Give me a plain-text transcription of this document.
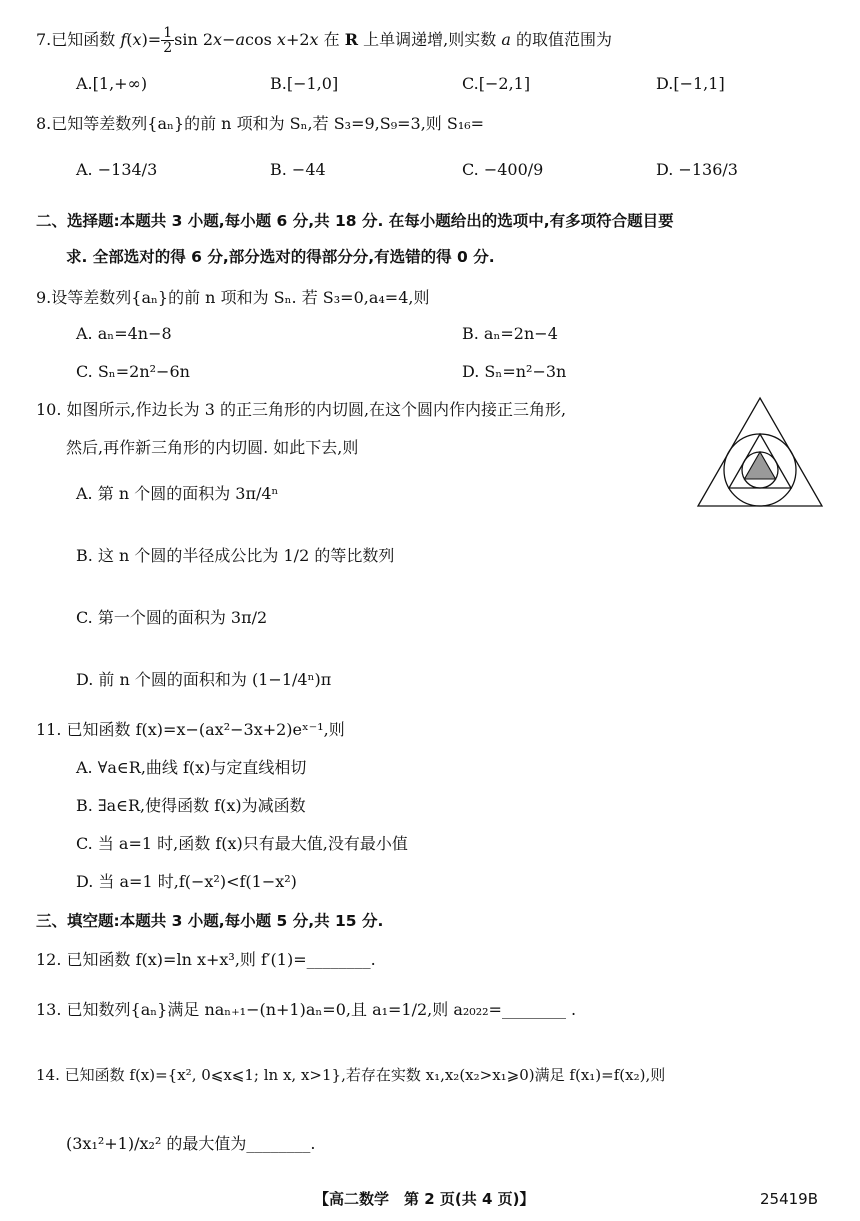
7.已知函数 $f(x)= \frac{1}{2}$ sin 2x−acos x+2x 在 R 上单调递增,则实数 a 的取值范围为
A.[1,+∞)	B.[−1,0]	C.[−2,1]	D.[−1,1]
8.已知等差数列{aₙ}的前 n 项和为 Sₙ,若 S₃=9,S₉=3,则 S₁₆=
A. −134/3	B. −44	C. −400/9	D. −136/3
二、选择题:本题共 3 小题,每小题 6 分,共 18 分. 在每小题给出的选项中,有多项符合题目要
求. 全部选对的得 6 分,部分选对的得部分分,有选错的得 0 分.
9.设等差数列{aₙ}的前 n 项和为 Sₙ. 若 S₃=0,a₄=4,则
A. aₙ=4n−8	B. aₙ=2n−4
C. Sₙ=2n²−6n	D. Sₙ=n²−3n
10. 如图所示,作边长为 3 的正三角形的内切圆,在这个圆内作内接正三角形,
然后,再作新三角形的内切圆. 如此下去,则
A. 第 n 个圆的面积为 3π/4ⁿ
B. 这 n 个圆的半径成公比为 1/2 的等比数列
C. 第一个圆的面积为 3π/2
D. 前 n 个圆的面积和为 (1−1/4ⁿ)π
11. 已知函数 f(x)=x−(ax²−3x+2)eˣ⁻¹,则
A. ∀a∈R,曲线 f(x)与定直线相切
B. ∃a∈R,使得函数 f(x)为减函数
C. 当 a=1 时,函数 f(x)只有最大值,没有最小值
D. 当 a=1 时,f(−x²)<f(1−x²)
三、填空题:本题共 3 小题,每小题 5 分,共 15 分.
12. 已知函数 f(x)=ln x+x³,则 f′(1)=________.
13. 已知数列{aₙ}满足 naₙ₊₁−(n+1)aₙ=0,且 a₁=1/2,则 a₂₀₂₂=________ .
14. 已知函数 f(x)={x², 0⩽x⩽1; ln x, x>1},若存在实数 x₁,x₂(x₂>x₁⩾0)满足 f(x₁)=f(x₂),则
(3x₁²+1)/x₂² 的最大值为________.
【高二数学　第 2 页(共 4 页)】	25419B
